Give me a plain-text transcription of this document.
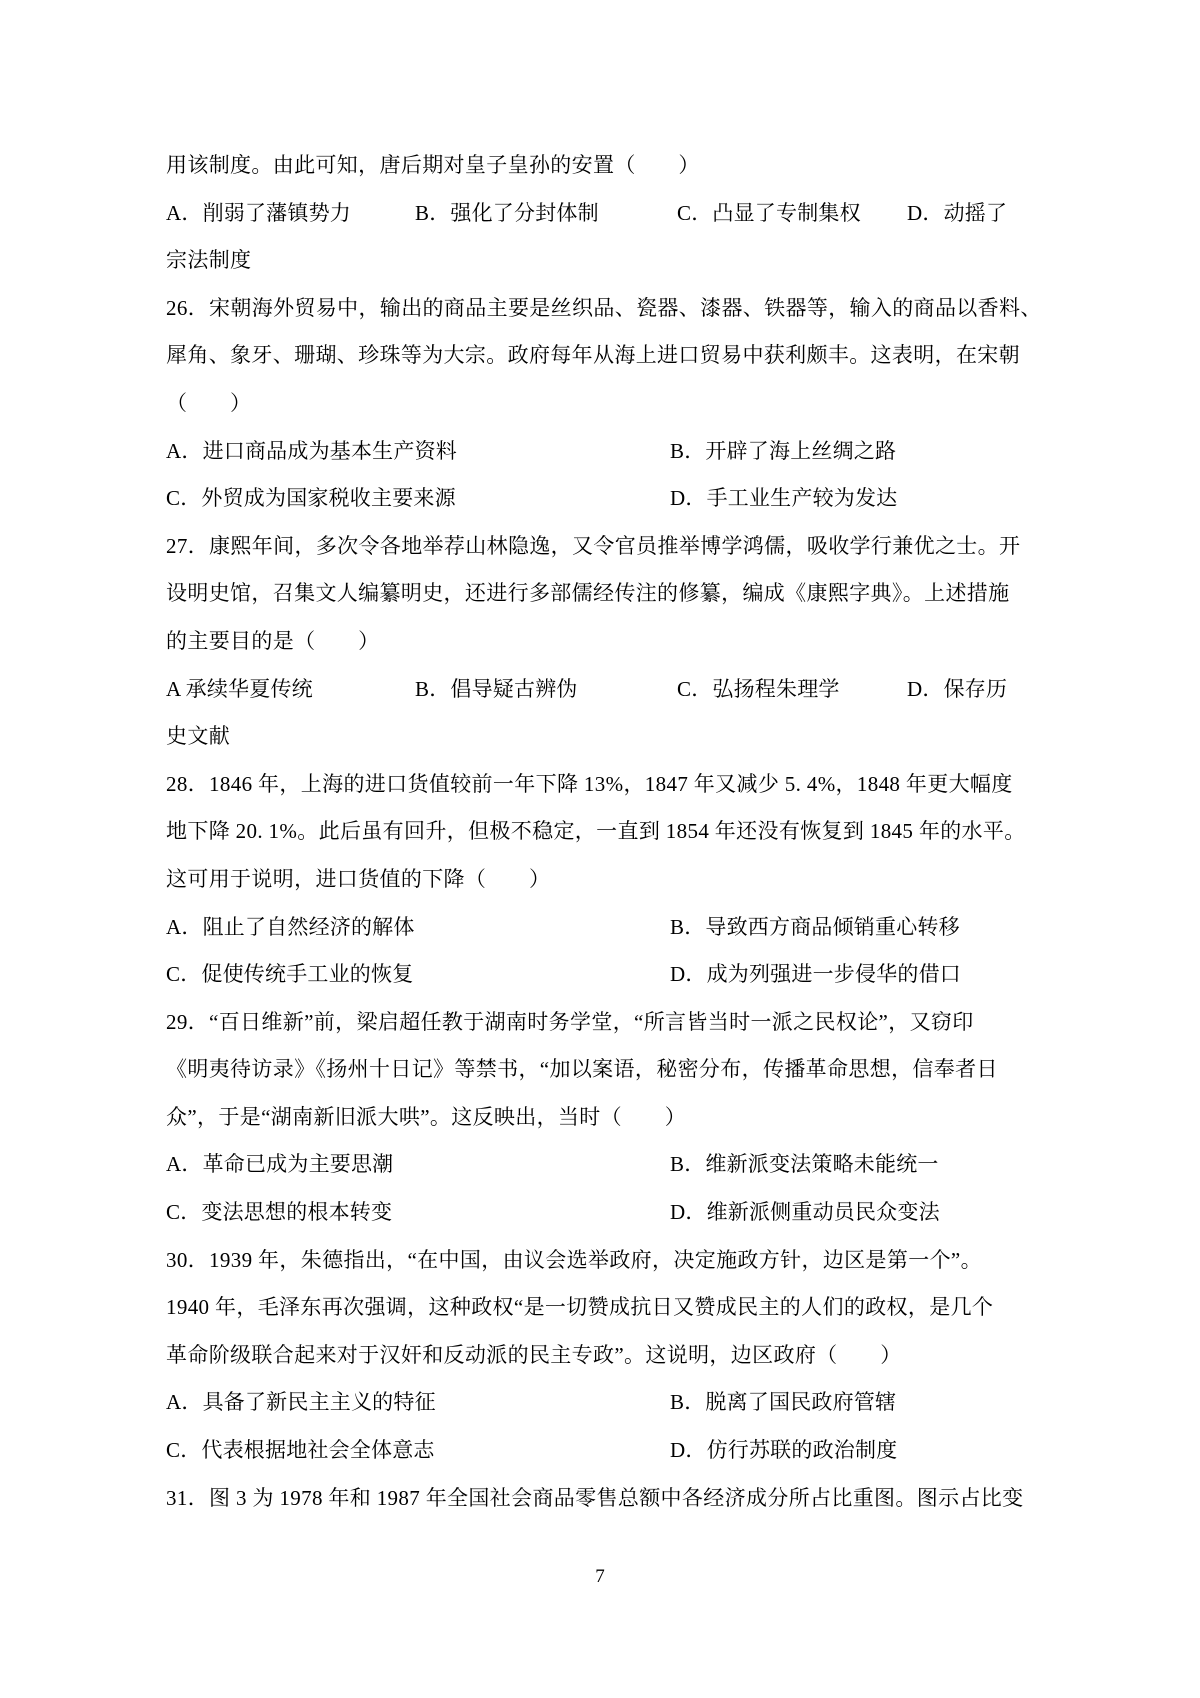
用该制度。由此可知，唐后期对皇子皇孙的安置（　　）
A．削弱了藩镇势力	B．强化了分封体制	C．凸显了专制集权	D．动摇了
宗法制度
26．宋朝海外贸易中，输出的商品主要是丝织品、瓷器、漆器、铁器等，输入的商品以香料、
犀角、象牙、珊瑚、珍珠等为大宗。政府每年从海上进口贸易中获利颇丰。这表明，在宋朝
（　　）
A．进口商品成为基本生产资料	B．开辟了海上丝绸之路
C．外贸成为国家税收主要来源	D．手工业生产较为发达
27．康熙年间，多次令各地举荐山林隐逸，又令官员推举博学鸿儒，吸收学行兼优之士。开
设明史馆，召集文人编纂明史，还进行多部儒经传注的修纂，编成《康熙字典》。上述措施
的主要目的是（　　）
A 承续华夏传统	B．倡导疑古辨伪	C．弘扬程朱理学	D．保存历
史文献
28．1846 年，上海的进口货值较前一年下降 13%，1847 年又减少 5. 4%，1848 年更大幅度
地下降 20. 1%。此后虽有回升，但极不稳定，一直到 1854 年还没有恢复到 1845 年的水平。
这可用于说明，进口货值的下降（　　）
A．阻止了自然经济的解体	B．导致西方商品倾销重心转移
C．促使传统手工业的恢复	D．成为列强进一步侵华的借口
29．“百日维新”前，梁启超任教于湖南时务学堂，“所言皆当时一派之民权论”，又窃印
《明夷待访录》《扬州十日记》等禁书，“加以案语，秘密分布，传播革命思想，信奉者日
众”，于是“湖南新旧派大哄”。这反映出，当时（　　）
A．革命已成为主要思潮	B．维新派变法策略未能统一
C．变法思想的根本转变	D．维新派侧重动员民众变法
30．1939 年，朱德指出，“在中国，由议会选举政府，决定施政方针，边区是第一个”。
1940 年，毛泽东再次强调，这种政权“是一切赞成抗日又赞成民主的人们的政权，是几个
革命阶级联合起来对于汉奸和反动派的民主专政”。这说明，边区政府（　　）
A．具备了新民主主义的特征	B．脱离了国民政府管辖
C．代表根据地社会全体意志	D．仿行苏联的政治制度
31．图 3 为 1978 年和 1987 年全国社会商品零售总额中各经济成分所占比重图。图示占比变
7
